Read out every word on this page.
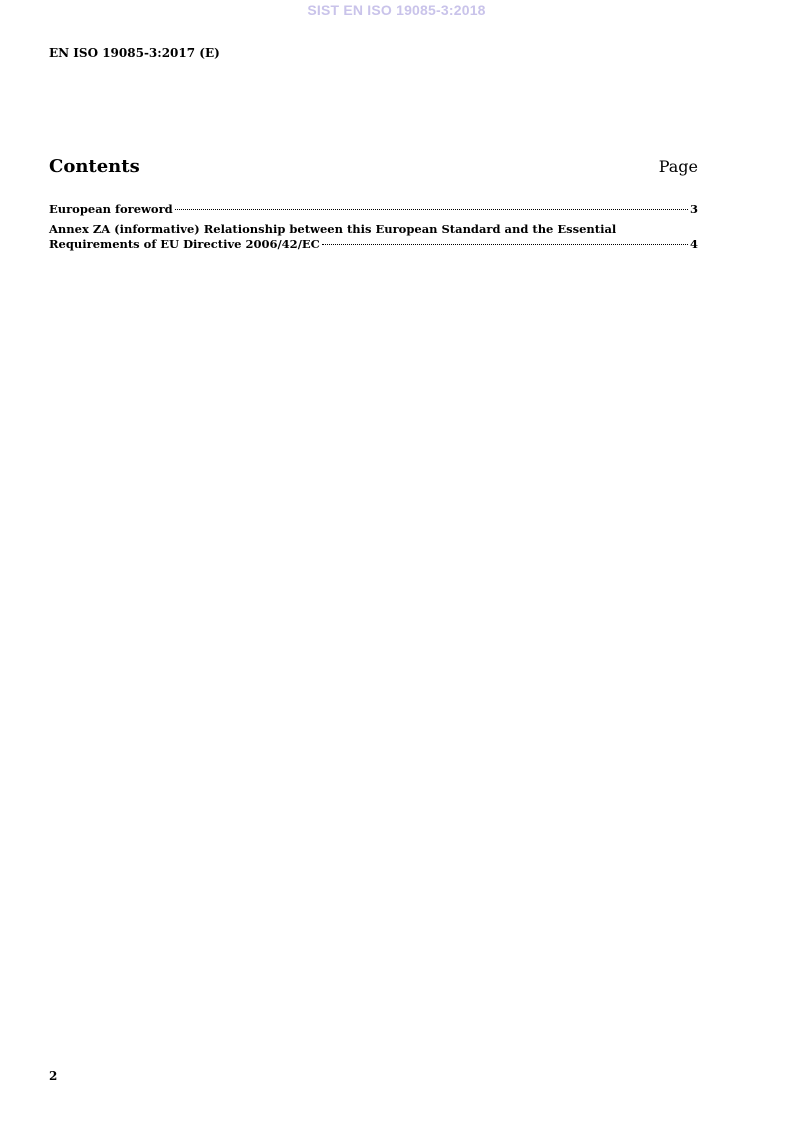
SIST EN ISO 19085-3:2018
EN ISO 19085-3:2017 (E)
Contents	Page
European foreword	3
Annex ZA (informative) Relationship between this European Standard and the Essential
Requirements of EU Directive 2006/42/EC	4
2
